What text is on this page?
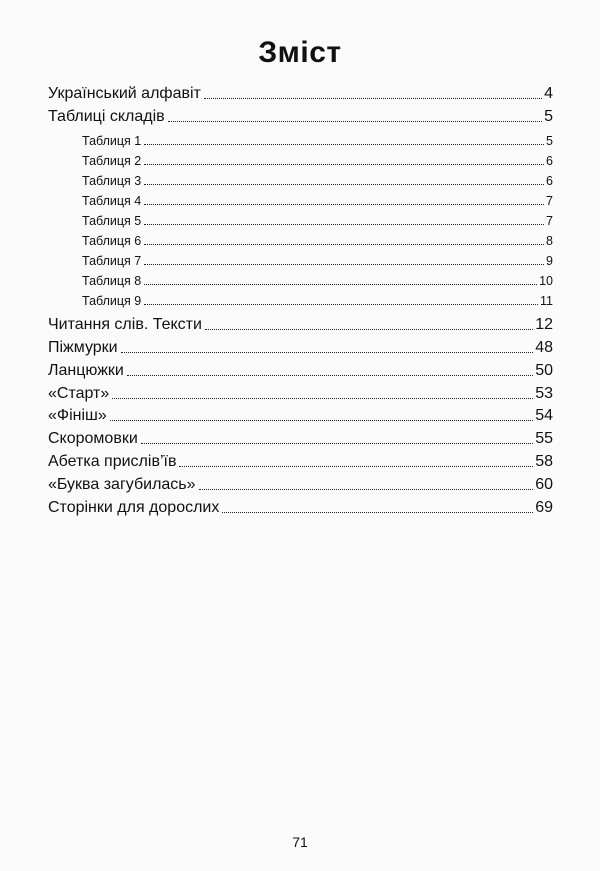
Зміст
Український алфавіт	4
Таблиці складів	5
Таблиця 1	5
Таблиця 2	6
Таблиця 3	6
Таблиця 4	7
Таблиця 5	7
Таблиця 6	8
Таблиця 7	9
Таблиця 8	10
Таблиця 9	11
Читання слів. Тексти	12
Піжмурки	48
Ланцюжки	50
«Старт»	53
«Фініш»	54
Скоромовки	55
Абетка прислів’їв	58
«Буква загубилась»	60
Сторінки для дорослих	69
71
